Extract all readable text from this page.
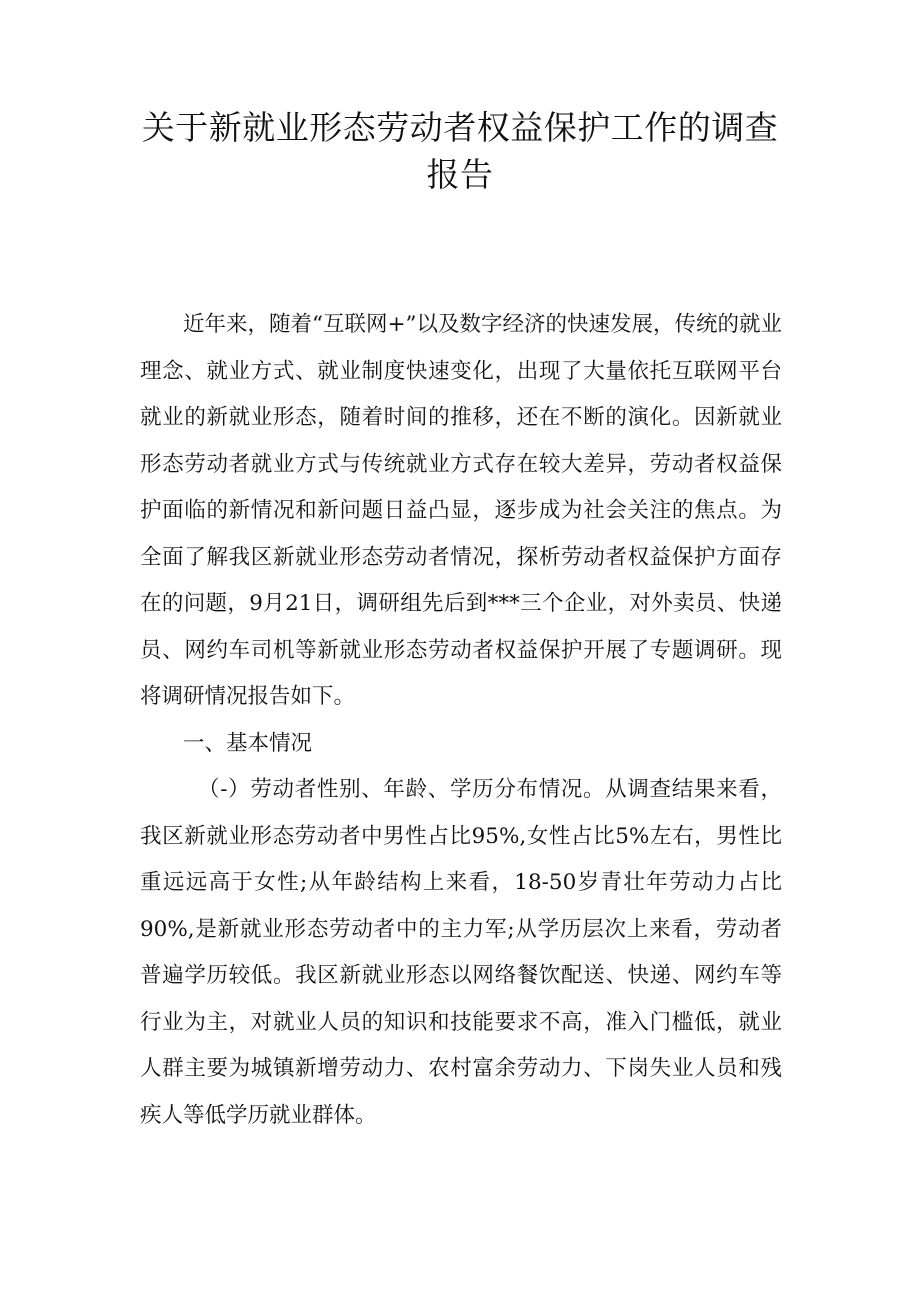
关于新就业形态劳动者权益保护工作的调查报告

近年来，随着“互联网+”以及数字经济的快速发展，传统的就业理念、就业方式、就业制度快速变化，出现了大量依托互联网平台就业的新就业形态，随着时间的推移，还在不断的演化。因新就业形态劳动者就业方式与传统就业方式存在较大差异，劳动者权益保护面临的新情况和新问题日益凸显，逐步成为社会关注的焦点。为全面了解我区新就业形态劳动者情况，探析劳动者权益保护方面存在的问题，9月21日，调研组先后到***三个企业，对外卖员、快递员、网约车司机等新就业形态劳动者权益保护开展了专题调研。现将调研情况报告如下。

一、基本情况

（-）劳动者性别、年龄、学历分布情况。从调查结果来看，我区新就业形态劳动者中男性占比95%,女性占比5%左右，男性比重远远高于女性;从年龄结构上来看，18-50岁青壮年劳动力占比90%,是新就业形态劳动者中的主力军;从学历层次上来看，劳动者普遍学历较低。我区新就业形态以网络餐饮配送、快递、网约车等行业为主，对就业人员的知识和技能要求不高，准入门槛低，就业人群主要为城镇新增劳动力、农村富余劳动力、下岗失业人员和残疾人等低学历就业群体。
